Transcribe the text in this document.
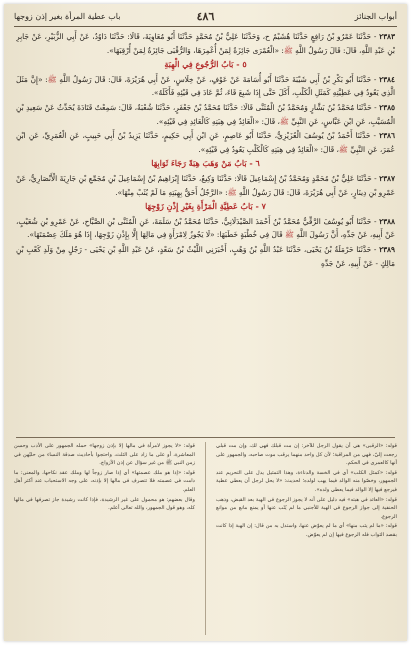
أبواب الجنائز
٤٨٦
باب عطية المرأة بغير إذن زوجها

٢٣٨٣ - حَدَّثَنَا عَمْرُو بْنُ رَافِعٍ حَدَّثَنَا هُشَيْمٌ ح، وَحَدَّثَنَا عَلِيُّ بْنُ مُحَمَّدٍ حَدَّثَنَا أَبُو مُعَاوِيَةَ، قَالَا: حَدَّثَنَا دَاوُدُ، عَنْ أَبِي الزُّبَيْرِ، عَنْ جَابِرِ بْنِ عَبْدِ اللَّهِ، قَالَ: قَالَ رَسُولُ اللَّهِ ﷺ: «الْعُمْرَى جَائِزَةٌ لِمَنْ أُعْمِرَهَا، وَالرُّقْبَى جَائِزَةٌ لِمَنْ أُرْقِبَهَا».

٥ - بَابُ الرُّجُوعِ فِي الْهِبَةِ

٢٣٨٤ - حَدَّثَنَا أَبُو بَكْرِ بْنُ أَبِي شَيْبَةَ حَدَّثَنَا أَبُو أُسَامَةَ عَنْ عَوْفٍ، عَنْ خِلَاسٍ، عَنْ أَبِي هُرَيْرَةَ، قَالَ: قَالَ رَسُولُ اللَّهِ ﷺ: «إِنَّ مَثَلَ الَّذِي يَعُودُ فِي عَطِيَّتِهِ كَمَثَلِ الْكَلْبِ، أَكَلَ حَتَّى إِذَا شَبِعَ قَاءَ، ثُمَّ عَادَ فِي قَيْئِهِ فَأَكَلَهُ».

٢٣٨٥ - حَدَّثَنَا مُحَمَّدُ بْنُ بَشَّارٍ وَمُحَمَّدُ بْنُ الْمُثَنَّى قَالَا: حَدَّثَنَا مُحَمَّدُ بْنُ جَعْفَرٍ، حَدَّثَنَا شُعْبَةُ، قَالَ: سَمِعْتُ قَتَادَةَ يُحَدِّثُ عَنْ سَعِيدِ بْنِ الْمُسَيَّبِ، عَنِ ابْنِ عَبَّاسٍ، عَنِ النَّبِيِّ ﷺ، قَالَ: «الْعَائِدُ فِي هِبَتِهِ كَالْعَائِدِ فِي قَيْئِهِ».

٢٣٨٦ - حَدَّثَنَا أَحْمَدُ بْنُ يُوسُفَ الْعُزَيْزِيُّ، حَدَّثَنَا أَبُو عَاصِمٍ، عَنِ ابْنِ أَبِي حَكِيمٍ، حَدَّثَنَا يَزِيدُ بْنُ أَبِي حَبِيبٍ، عَنِ الْعُمَرِيِّ، عَنِ ابْنِ عُمَرَ، عَنِ النَّبِيِّ ﷺ، قَالَ: «الْعَائِدُ فِي هِبَتِهِ كَالْكَلْبِ يَعُودُ فِي قَيْئِهِ».

٦ - بَابُ مَنْ وَهَبَ هِبَةً رَجَاءَ ثَوَابِهَا

٢٣٨٧ - حَدَّثَنَا عَلِيُّ بْنُ مُحَمَّدٍ وَمُحَمَّدُ بْنُ إِسْمَاعِيلَ قَالَا: حَدَّثَنَا وَكِيعٌ، حَدَّثَنَا إِبْرَاهِيمُ بْنُ إِسْمَاعِيلَ بْنِ مُجَمِّعِ بْنِ جَارِيَةَ الْأَنْصَارِيُّ، عَنْ عَمْرِو بْنِ دِينَارٍ، عَنْ أَبِي هُرَيْرَةَ، قَالَ: قَالَ رَسُولُ اللَّهِ ﷺ: «الرَّجُلُ أَحَقُّ بِهِبَتِهِ مَا لَمْ يُثَبْ مِنْهَا».

٧ - بَابُ عَطِيَّةِ الْمَرْأَةِ بِغَيْرِ إِذْنِ زَوْجِهَا

٢٣٨٨ - حَدَّثَنَا أَبُو يُوسُفَ الرَّقِّيُّ مُحَمَّدُ بْنُ أَحْمَدَ الصَّيْدَلَانِيُّ، حَدَّثَنَا مُحَمَّدُ بْنُ سَلَمَةَ، عَنِ الْمُثَنَّى بْنِ الصَّبَّاحِ، عَنْ عَمْرِو بْنِ شُعَيْبٍ، عَنْ أَبِيهِ، عَنْ جَدِّهِ، أَنَّ رَسُولَ اللَّهِ ﷺ قَالَ فِي خُطْبَةٍ خَطَبَهَا: «لَا يَجُوزُ لِامْرَأَةٍ فِي مَالِهَا إِلَّا بِإِذْنِ زَوْجِهَا، إِذَا هُوَ مَلَكَ عِصْمَتَهَا».

٢٣٨٩ - حَدَّثَنَا حَرْمَلَةُ بْنُ يَحْيَى، حَدَّثَنَا عَبْدُ اللَّهِ بْنُ وَهْبٍ، أَخْبَرَنِي اللَّيْثُ بْنُ سَعْدٍ، عَنْ عَبْدِ اللَّهِ بْنِ يَحْيَى - رَجُلٍ مِنْ وَلَدِ كَعْبِ بْنِ مَالِكٍ - عَنْ أَبِيهِ، عَنْ جَدِّهِ

قوله: «الرقبى» هي أن يقول الرجل للآخر: إن مت قبلك فهي لك، وإن مت قبلي رجعت إليّ، فهي من المراقبة؛ لأن كل واحد منهما يرقب موت صاحبه، والجمهور على أنها كالعمرى في الحكم.

قوله: «كمثل الكلب» أي في الخسة والدناءة، وهذا التمثيل يدل على التحريم عند الجمهور، وخصّوا منه الوالد فيما يهب لولده؛ لحديث: «لا يحل لرجل أن يعطي عطية فيرجع فيها إلا الوالد فيما يعطي ولده».

قوله: «العائد في هبته» فيه دليل على أنه لا يجوز الرجوع في الهبة بعد القبض، وذهب الحنفية إلى جواز الرجوع في الهبة للأجنبي ما لم يُثَب عنها أو يمنع مانع من موانع الرجوع.

قوله: «ما لم يثب منها» أي ما لم يعوّض عنها، واستدل به من قال: إن الهبة إذا كانت بقصد الثواب فله الرجوع فيها إن لم يعوّض.

قوله: «لا يجوز لامرأة في مالها إلا بإذن زوجها» حمله الجمهور على الأدب وحسن المعاشرة، أو على ما زاد على الثلث، واحتجوا بأحاديث صدقة النساء من حليّهن في زمن النبي ﷺ من غير سؤال عن إذن الأزواج.

قوله: «إذا هو ملك عصمتها» أي إذا صار زوجاً لها وملك عقد نكاحها، والمعنى: ما دامت في عصمته فلا تتصرف في مالها إلا بإذنه، على وجه الاستحباب عند أكثر أهل العلم.

وقال بعضهم: هو محمول على غير الرشيدة، فإذا كانت رشيدة جاز تصرفها في مالها كله، وهو قول الجمهور، والله تعالى أعلم.
